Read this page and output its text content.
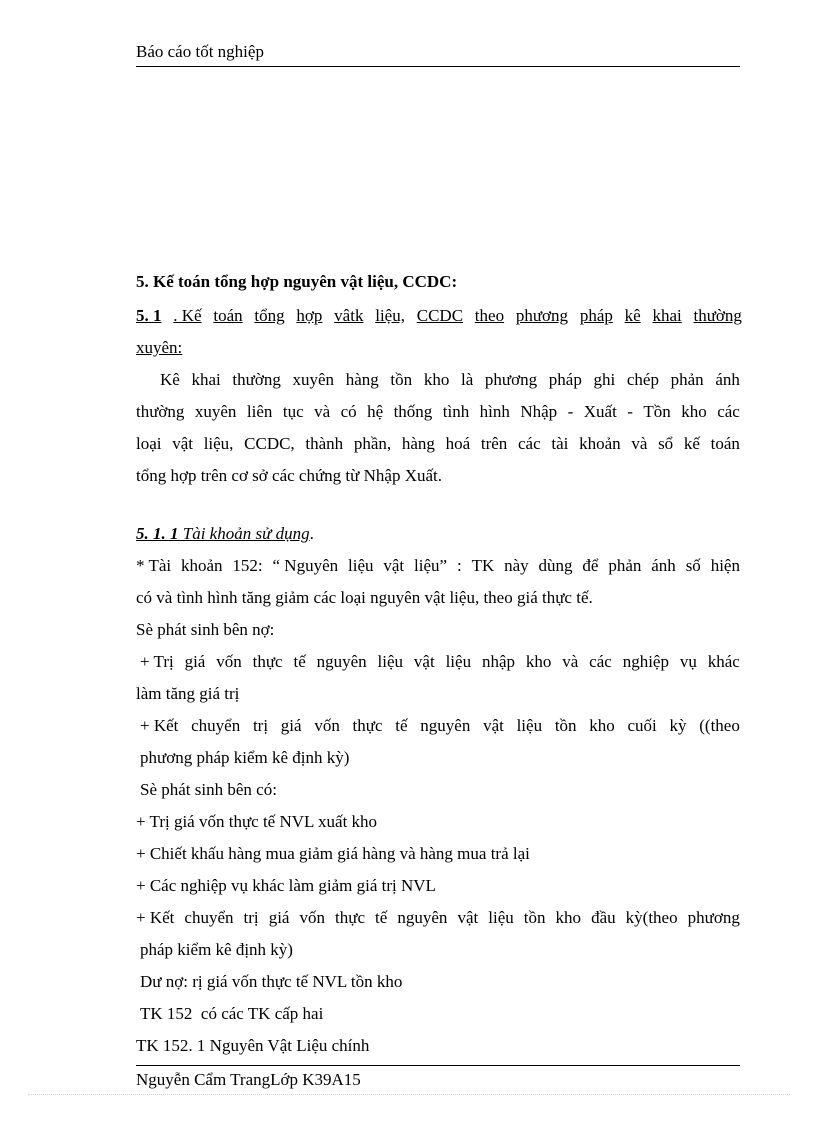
Báo cáo tốt nghiệp
5. Kế toán tổng hợp nguyên vật liệu, CCDC:
5. 1 . Kế toán tổng hợp vâtk liệu, CCDC theo phương pháp kê khai thường
xuyên:
Kê khai thường xuyên hàng tồn kho là phương pháp ghi chép phản ánh
thường xuyên liên tục và có hệ thống tình hình Nhập - Xuất - Tồn kho các
loại vật liệu, CCDC, thành phần, hàng hoá trên các tài khoản và sổ kế toán
tổng hợp trên cơ sở các chứng từ Nhập Xuất.
5. 1. 1 Tài khoản sử dụng.
* Tài khoản 152: “ Nguyên liệu vật liệu” : TK này dùng để phản ánh số hiện
có và tình hình tăng giảm các loại nguyên vật liệu, theo giá thực tế.
Sè phát sinh bên nợ:
+ Trị giá vốn thực tế nguyên liệu vật liệu nhập kho và các nghiệp vụ khác
làm tăng giá trị
+ Kết chuyển trị giá vốn thực tế nguyên vật liệu tồn kho cuối kỳ ((theo
phương pháp kiểm kê định kỳ)
Sè phát sinh bên có:
+ Trị giá vốn thực tế NVL xuất kho
+ Chiết khấu hàng mua giảm giá hàng và hàng mua trả lại
+ Các nghiệp vụ khác làm giảm giá trị NVL
+ Kết chuyển trị giá vốn thực tế nguyên vật liệu tồn kho đầu kỳ(theo phương
pháp kiểm kê định kỳ)
Dư nợ: rị giá vốn thực tế NVL tồn kho
TK 152  có các TK cấp hai
TK 152. 1 Nguyên Vật Liệu chính
Nguyễn Cẩm TrangLớp K39A15
